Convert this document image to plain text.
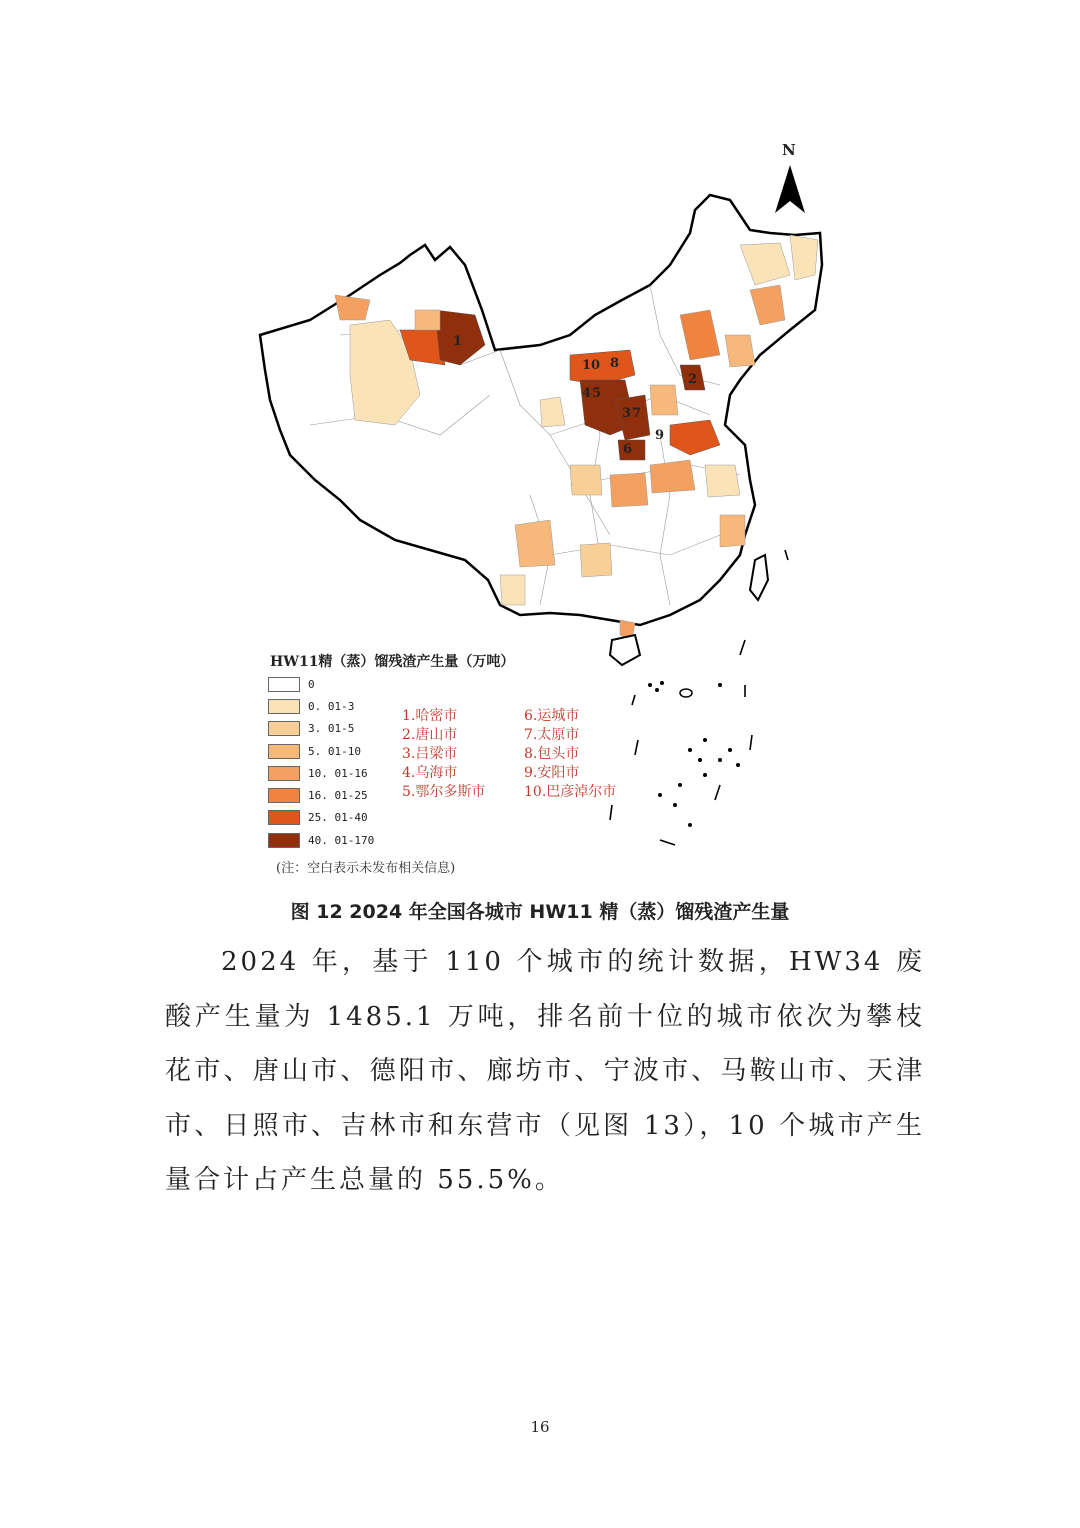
1
2
3
4 5
6
7
8
9
10
N
HW11精（蒸）馏残渣产生量（万吨）
0
0. 01-3
3. 01-5
5. 01-10
10. 01-16
16. 01-25
25. 01-40
40. 01-170
1.哈密市
2.唐山市
3.吕梁市
4.乌海市
5.鄂尔多斯市
6.运城市
7.太原市
8.包头市
9.安阳市
10.巴彦淖尔市
(注：空白表示未发布相关信息)
图 12 2024 年全国各城市 HW11 精（蒸）馏残渣产生量

2024 年，基于 110 个城市的统计数据，HW34 废酸产生量为 1485.1 万吨，排名前十位的城市依次为攀枝花市、唐山市、德阳市、廊坊市、宁波市、马鞍山市、天津市、日照市、吉林市和东营市（见图 13），10 个城市产生量合计占产生总量的 55.5%。

16
